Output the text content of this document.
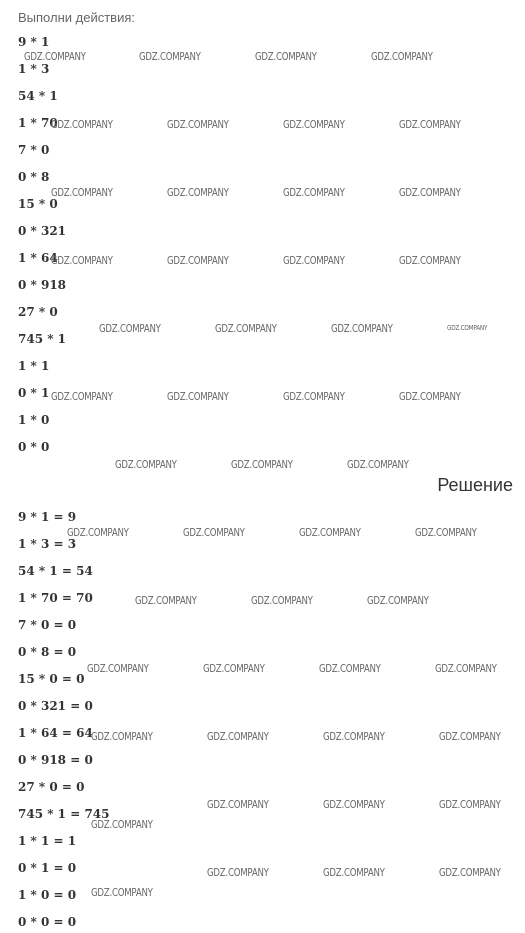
Выполни действия:
9 * 1
1 * 3
54 * 1
1 * 70
7 * 0
0 * 8
15 * 0
0 * 321
1 * 64
0 * 918
27 * 0
745 * 1
1 * 1
0 * 1
1 * 0
0 * 0
Решение
9 * 1 = 9
1 * 3 = 3
54 * 1 = 54
1 * 70 = 70
7 * 0 = 0
0 * 8 = 0
15 * 0 = 0
0 * 321 = 0
1 * 64 = 64
0 * 918 = 0
27 * 0 = 0
745 * 1 = 745
1 * 1 = 1
0 * 1 = 0
1 * 0 = 0
0 * 0 = 0
GDZ.COMPANY	GDZ.COMPANY	GDZ.COMPANY	GDZ.COMPANY
GDZ.COMPANY	GDZ.COMPANY	GDZ.COMPANY	GDZ.COMPANY
GDZ.COMPANY	GDZ.COMPANY	GDZ.COMPANY	GDZ.COMPANY
GDZ.COMPANY	GDZ.COMPANY	GDZ.COMPANY	GDZ.COMPANY
GDZ.COMPANY	GDZ.COMPANY	GDZ.COMPANY	GDZ.COMPANY
GDZ.COMPANY	GDZ.COMPANY	GDZ.COMPANY	GDZ.COMPANY
GDZ.COMPANY	GDZ.COMPANY	GDZ.COMPANY
GDZ.COMPANY	GDZ.COMPANY	GDZ.COMPANY	GDZ.COMPANY
GDZ.COMPANY	GDZ.COMPANY	GDZ.COMPANY
GDZ.COMPANY	GDZ.COMPANY	GDZ.COMPANY	GDZ.COMPANY
GDZ.COMPANY	GDZ.COMPANY	GDZ.COMPANY	GDZ.COMPANY
GDZ.COMPANY	GDZ.COMPANY	GDZ.COMPANY
GDZ.COMPANY
GDZ.COMPANY	GDZ.COMPANY	GDZ.COMPANY
GDZ.COMPANY
